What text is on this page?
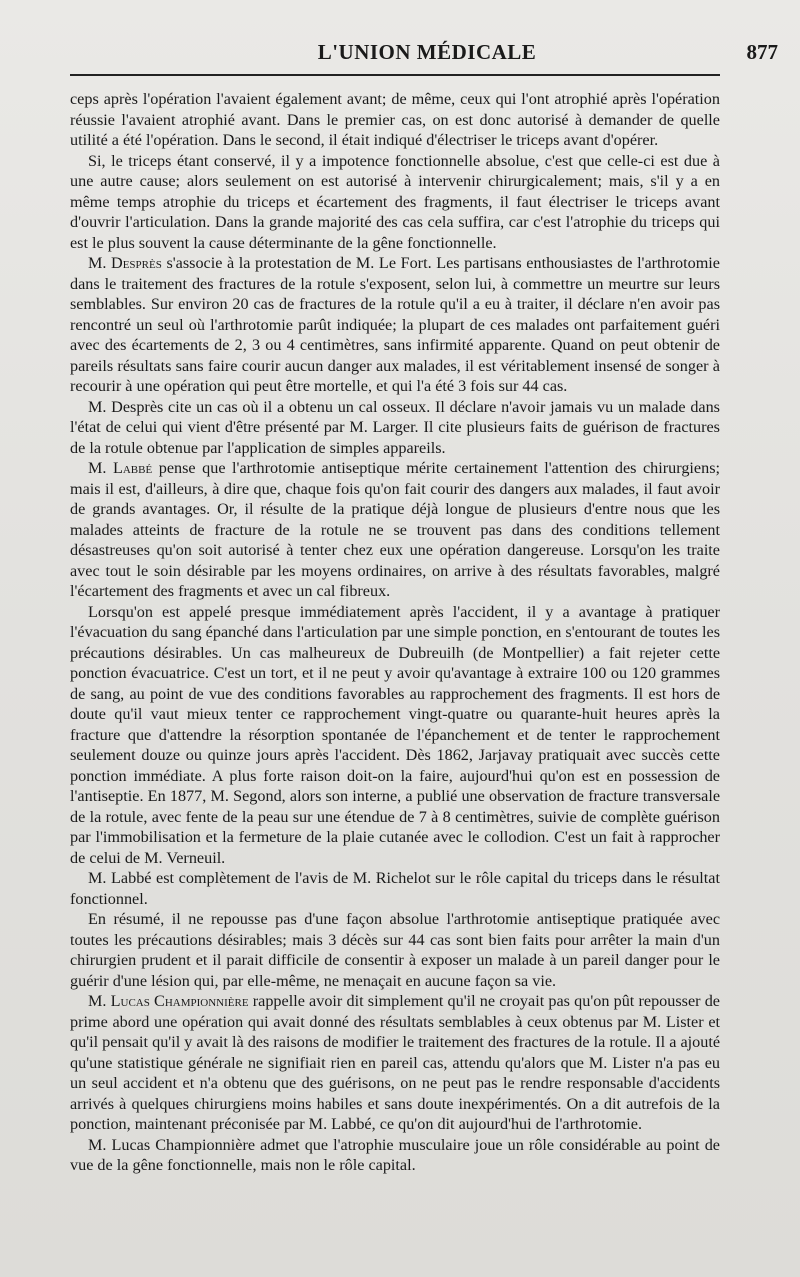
L'UNION MÉDICALE	877

ceps après l'opération l'avaient également avant; de même, ceux qui l'ont atrophié après l'opération réussie l'avaient atrophié avant. Dans le premier cas, on est donc autorisé à demander de quelle utilité a été l'opération. Dans le second, il était indiqué d'électriser le triceps avant d'opérer.

Si, le triceps étant conservé, il y a impotence fonctionnelle absolue, c'est que celle-ci est due à une autre cause; alors seulement on est autorisé à intervenir chirurgicalement; mais, s'il y a en même temps atrophie du triceps et écartement des fragments, il faut électriser le triceps avant d'ouvrir l'articulation. Dans la grande majorité des cas cela suffira, car c'est l'atrophie du triceps qui est le plus souvent la cause déterminante de la gêne fonctionnelle.

M. Desprès s'associe à la protestation de M. Le Fort. Les partisans enthousiastes de l'arthrotomie dans le traitement des fractures de la rotule s'exposent, selon lui, à commettre un meurtre sur leurs semblables. Sur environ 20 cas de fractures de la rotule qu'il a eu à traiter, il déclare n'en avoir pas rencontré un seul où l'arthrotomie parût indiquée; la plupart de ces malades ont parfaitement guéri avec des écartements de 2, 3 ou 4 centimètres, sans infirmité apparente. Quand on peut obtenir de pareils résultats sans faire courir aucun danger aux malades, il est véritablement insensé de songer à recourir à une opération qui peut être mortelle, et qui l'a été 3 fois sur 44 cas.

M. Desprès cite un cas où il a obtenu un cal osseux. Il déclare n'avoir jamais vu un malade dans l'état de celui qui vient d'être présenté par M. Larger. Il cite plusieurs faits de guérison de fractures de la rotule obtenue par l'application de simples appareils.

M. Labbé pense que l'arthrotomie antiseptique mérite certainement l'attention des chirurgiens; mais il est, d'ailleurs, à dire que, chaque fois qu'on fait courir des dangers aux malades, il faut avoir de grands avantages. Or, il résulte de la pratique déjà longue de plusieurs d'entre nous que les malades atteints de fracture de la rotule ne se trouvent pas dans des conditions tellement désastreuses qu'on soit autorisé à tenter chez eux une opération dangereuse. Lorsqu'on les traite avec tout le soin désirable par les moyens ordinaires, on arrive à des résultats favorables, malgré l'écartement des fragments et avec un cal fibreux.

Lorsqu'on est appelé presque immédiatement après l'accident, il y a avantage à pratiquer l'évacuation du sang épanché dans l'articulation par une simple ponction, en s'entourant de toutes les précautions désirables. Un cas malheureux de Dubreuilh (de Montpellier) a fait rejeter cette ponction évacuatrice. C'est un tort, et il ne peut y avoir qu'avantage à extraire 100 ou 120 grammes de sang, au point de vue des conditions favorables au rapprochement des fragments. Il est hors de doute qu'il vaut mieux tenter ce rapprochement vingt-quatre ou quarante-huit heures après la fracture que d'attendre la résorption spontanée de l'épanchement et de tenter le rapprochement seulement douze ou quinze jours après l'accident. Dès 1862, Jarjavay pratiquait avec succès cette ponction immédiate. A plus forte raison doit-on la faire, aujourd'hui qu'on est en possession de l'antiseptie. En 1877, M. Segond, alors son interne, a publié une observation de fracture transversale de la rotule, avec fente de la peau sur une étendue de 7 à 8 centimètres, suivie de complète guérison par l'immobilisation et la fermeture de la plaie cutanée avec le collodion. C'est un fait à rapprocher de celui de M. Verneuil.

M. Labbé est complètement de l'avis de M. Richelot sur le rôle capital du triceps dans le résultat fonctionnel.

En résumé, il ne repousse pas d'une façon absolue l'arthrotomie antiseptique pratiquée avec toutes les précautions désirables; mais 3 décès sur 44 cas sont bien faits pour arrêter la main d'un chirurgien prudent et il parait difficile de consentir à exposer un malade à un pareil danger pour le guérir d'une lésion qui, par elle-même, ne menaçait en aucune façon sa vie.

M. Lucas Championnière rappelle avoir dit simplement qu'il ne croyait pas qu'on pût repousser de prime abord une opération qui avait donné des résultats semblables à ceux obtenus par M. Lister et qu'il pensait qu'il y avait là des raisons de modifier le traitement des fractures de la rotule. Il a ajouté qu'une statistique générale ne signifiait rien en pareil cas, attendu qu'alors que M. Lister n'a pas eu un seul accident et n'a obtenu que des guérisons, on ne peut pas le rendre responsable d'accidents arrivés à quelques chirurgiens moins habiles et sans doute inexpérimentés. On a dit autrefois de la ponction, maintenant préconisée par M. Labbé, ce qu'on dit aujourd'hui de l'arthrotomie.

M. Lucas Championnière admet que l'atrophie musculaire joue un rôle considérable au point de vue de la gêne fonctionnelle, mais non le rôle capital.
